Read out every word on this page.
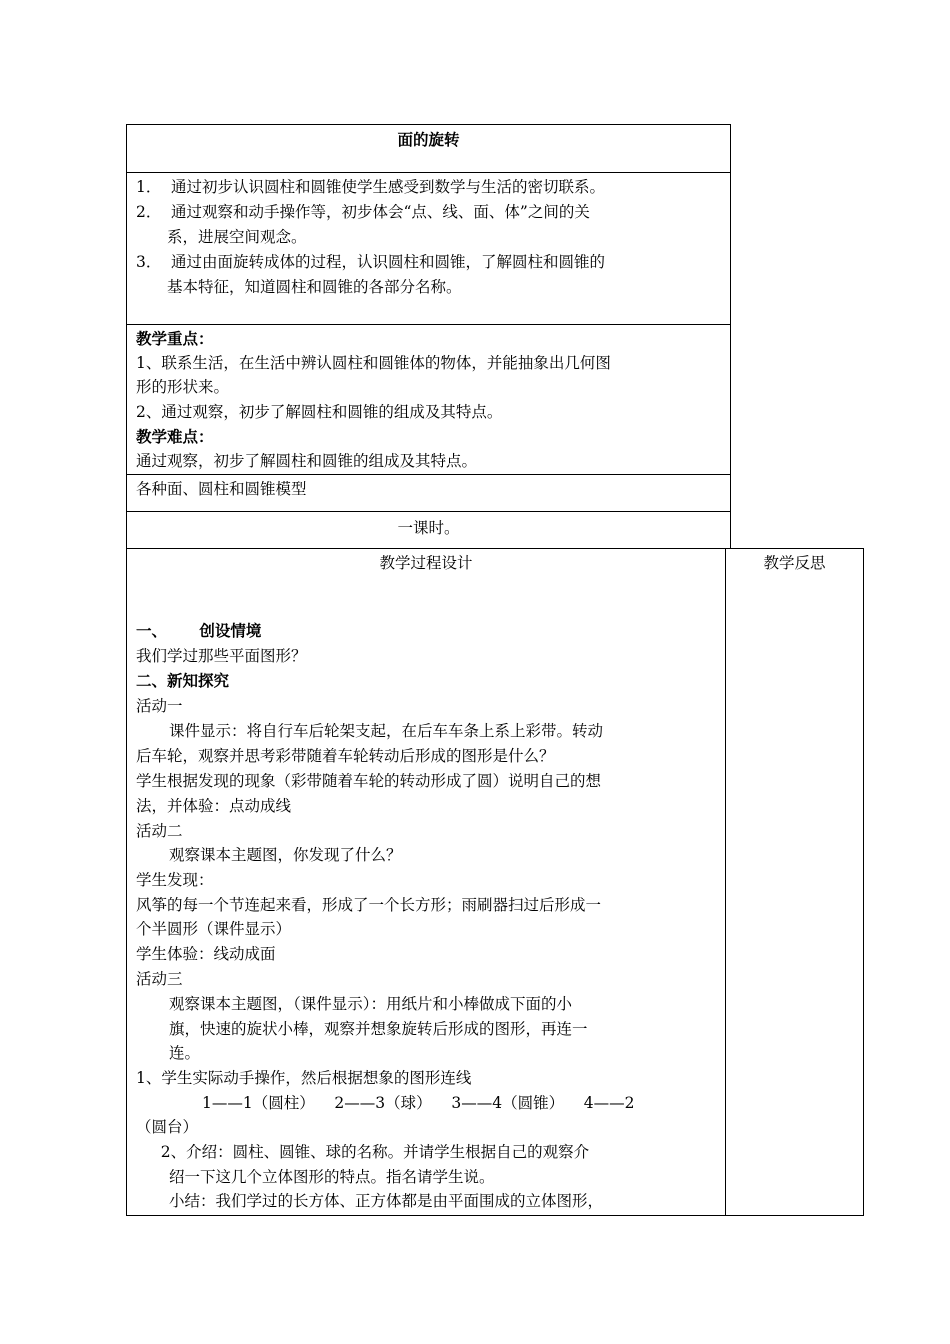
面的旋转
1． 通过初步认识圆柱和圆锥使学生感受到数学与生活的密切联系。
2． 通过观察和动手操作等，初步体会“点、线、面、体”之间的关
系，进展空间观念。
3． 通过由面旋转成体的过程，认识圆柱和圆锥，了解圆柱和圆锥的
基本特征，知道圆柱和圆锥的各部分名称。
教学重点：
1、联系生活，在生活中辨认圆柱和圆锥体的物体，并能抽象出几何图
形的形状来。
2、通过观察，初步了解圆柱和圆锥的组成及其特点。
教学难点：
通过观察，初步了解圆柱和圆锥的组成及其特点。
各种面、圆柱和圆锥模型
一课时。
教学过程设计
一、      创设情境
我们学过那些平面图形？
二、新知探究
活动一
课件显示：将自行车后轮架支起，在后车车条上系上彩带。转动
后车轮，观察并思考彩带随着车轮转动后形成的图形是什么？
学生根据发现的现象（彩带随着车轮的转动形成了圆）说明自己的想
法，并体验：点动成线
活动二
观察课本主题图，你发现了什么？
学生发现：
风筝的每一个节连起来看，形成了一个长方形；雨刷器扫过后形成一
个半圆形（课件显示）
学生体验：线动成面
活动三
观察课本主题图，（课件显示）：用纸片和小棒做成下面的小
旗，快速的旋状小棒，观察并想象旋转后形成的图形，再连一
连。
1、学生实际动手操作，然后根据想象的图形连线
1——1（圆柱）    2——3（球）    3——4（圆锥）    4——2
（圆台）
2、介绍：圆柱、圆锥、球的名称。并请学生根据自己的观察介
绍一下这几个立体图形的特点。指名请学生说。
小结：我们学过的长方体、正方体都是由平面围成的立体图形，
教学反思
